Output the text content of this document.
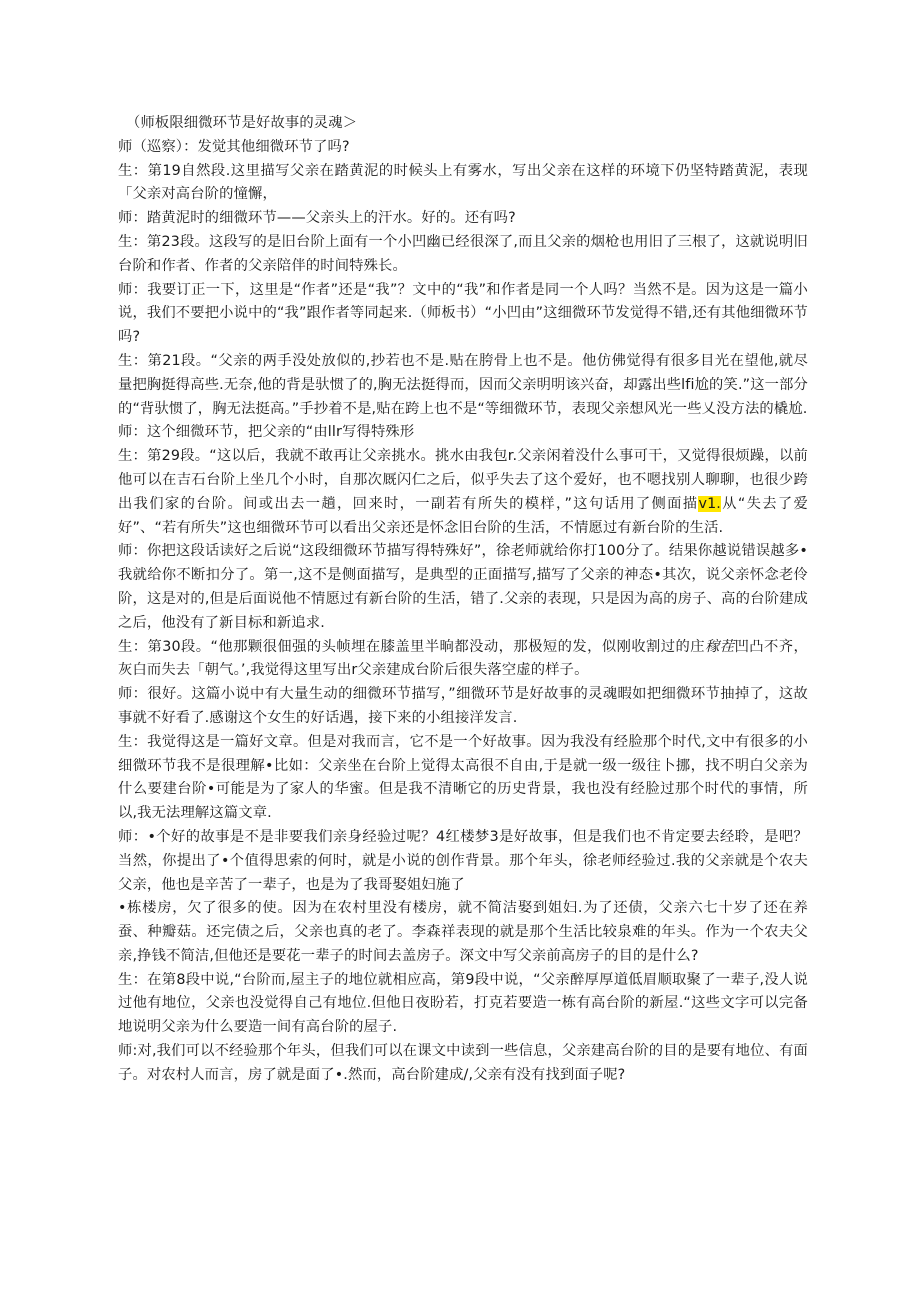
（师板限细微环节是好故事的灵魂＞

师（巡察）：发觉其他细微环节了吗?

生：第19自然段.这里描写父亲在踏黄泥的时候头上有雾水，写出父亲在这样的环境下仍坚特踏黄泥，表现「父亲对高台阶的憧懈，

师：踏黄泥时的细微环节——父亲头上的汗水。好的。还有吗?

生：第23段。这段写的是旧台阶上面有一个小凹幽已经很深了,而且父亲的烟枪也用旧了三根了，这就说明旧台阶和作者、作者的父亲陪伴的时间特殊长。

师：我要订正一下，这里是“作者”还是“我”？文中的“我”和作者是同一个人吗？当然不是。因为这是一篇小说，我们不要把小说中的“我”跟作者等同起来.（师板书）“小凹由”这细微环节发觉得不错,还有其他细微环节吗?

生：第21段。“父亲的两手没处放似的,抄若也不是.贴在胯骨上也不是。他仿佛觉得有很多目光在望他,就尽量把胸挺得高些.无奈,他的背是驮惯了的,胸无法挺得而，因而父亲明明该兴奋，却露出些lfi尬的笑.”这一部分的“背驮惯了，胸无法挺高。”手抄着不是,贴在跨上也不是“等细微环节，表现父亲想风光一些乂没方法的橇尬.

师：这个细微环节，把父亲的“由llr写得特殊形

生：第29段。“这以后，我就不敢再让父亲挑水。挑水由我包r.父亲闲着没什么事可干，又觉得很烦躁，以前他可以在吉石台阶上坐几个小时，自那次厩闪仁之后，似乎失去了这个爱好，也不嗯找别人聊聊，也很少跨出我们家的台阶。间或出去一趟，回来时，一副若有所失的模样，”这句话用了侧面描v1.从“失去了爱好”、“若有所失”这也细微环节可以看出父亲还是怀念旧台阶的生活，不情愿过有新台阶的生活.

师：你把这段话读好之后说“这段细微环节描写得特殊好”，徐老师就给你打100分了。结果你越说错误越多•我就给你不断扣分了。第一,这不是侧面描写，是典型的正面描写,描写了父亲的神态•其次，说父亲怀念老伶阶，这是对的,但是后面说他不情愿过有新台阶的生活，错了.父亲的表现，只是因为高的房子、高的台阶建成之后，他没有了新目标和新追求.

生：第30段。“他那颗很佃强的头帧埋在膝盖里半晌都没动，那极短的发，似刚收割过的庄稼茬凹凸不齐，灰白而失去「朝气。’,我觉得这里写出r父亲建成台阶后很失落空虚的样子。

师：很好。这篇小说中有大量生动的细微环节描写，”细微环节是好故事的灵魂暇如把细微环节抽掉了，这故事就不好看了.感谢这个女生的好话遇，接下来的小组接洋发言.

生：我觉得这是一篇好文章。但是对我而言，它不是一个好故事。因为我没有经脸那个时代,文中有很多的小细微环节我不是很理解•比如：父亲坐在台阶上觉得太高很不自由,于是就一级一级往卜挪，找不明白父亲为什么要建台阶•可能是为了家人的华蜜。但是我不清晰它的历史背景，我也没有经脸过那个时代的事情，所以,我无法理解这篇文章.

师：•个好的故事是不是非要我们亲身经验过呢？4红楼梦3是好故事，但是我们也不肯定要去经聆，是吧？当然，你提出了•个值得思索的何时，就是小说的创作背景。那个年头，徐老师经验过.我的父亲就是个农夫父亲，他也是辛苦了一辈子，也是为了我哥娶姐妇施了

•栋楼房，欠了很多的使。因为在农村里没有楼房，就不简洁娶到姐妇.为了还债，父亲六七十岁了还在养蚕、种瓣菇。还完债之后，父亲也真的老了。李森祥表现的就是那个生活比较泉难的年头。作为一个农夫父亲,挣钱不简洁,但他还是要花一辈子的时间去盖房子。深文中写父亲前高房子的目的是什么?

生：在第8段中说,“台阶而,屋主子的地位就相应高，第9段中说，“父亲醉厚厚道低眉顺取聚了一辈子,没人说过他有地位，父亲也没觉得自己有地位.但他日夜盼若，打克若要造一栋有高台阶的新屋.“这些文字可以完备地说明父亲为什么要造一间有高台阶的屋子.

师:对,我们可以不经验那个年头，但我们可以在课文中读到一些信息，父亲建高台阶的目的是要有地位、有面子。对农村人而言，房了就是面了•.然而，高台阶建成/,父亲有没有找到面子呢?
